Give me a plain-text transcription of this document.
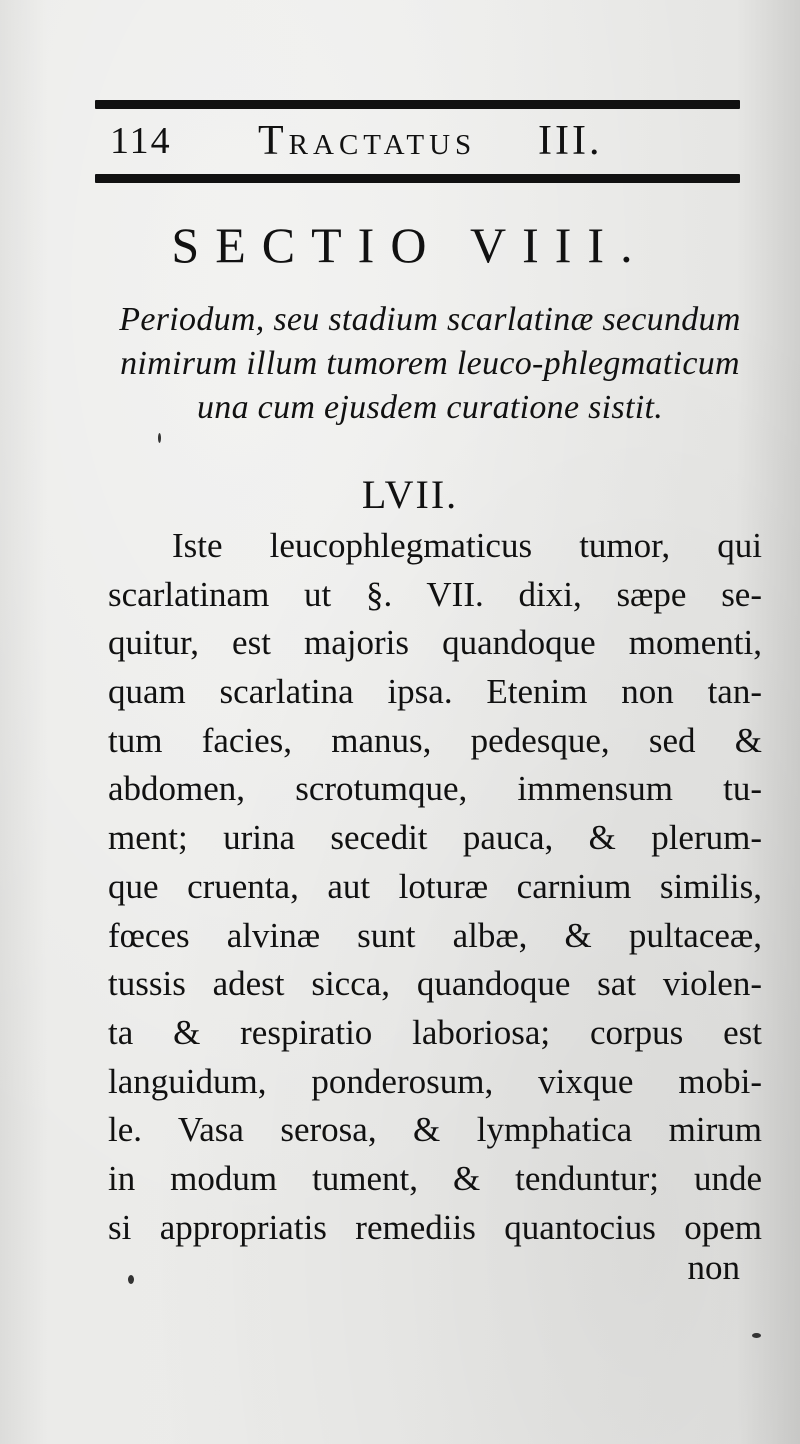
114 Tractatus III.
SECTIO VIII.
Periodum, seu stadium scarlatinæ secundum
nimirum illum tumorem leuco-phlegmaticum
una cum ejusdem curatione sistit.
LVII.
Iste leucophlegmaticus tumor, qui
scarlatinam ut §. VII. dixi, sæpe se-
quitur, est majoris quandoque momenti,
quam scarlatina ipsa. Etenim non tan-
tum facies, manus, pedesque, sed &
abdomen, scrotumque, immensum tu-
ment; urina secedit pauca, & plerum-
que cruenta, aut loturæ carnium similis,
fœces alvinæ sunt albæ, & pultaceæ,
tussis adest sicca, quandoque sat violen-
ta & respiratio laboriosa; corpus est
languidum, ponderosum, vixque mobi-
le. Vasa serosa, & lymphatica mirum
in modum tument, & tenduntur; unde
si appropriatis remediis quantocius opem
non
